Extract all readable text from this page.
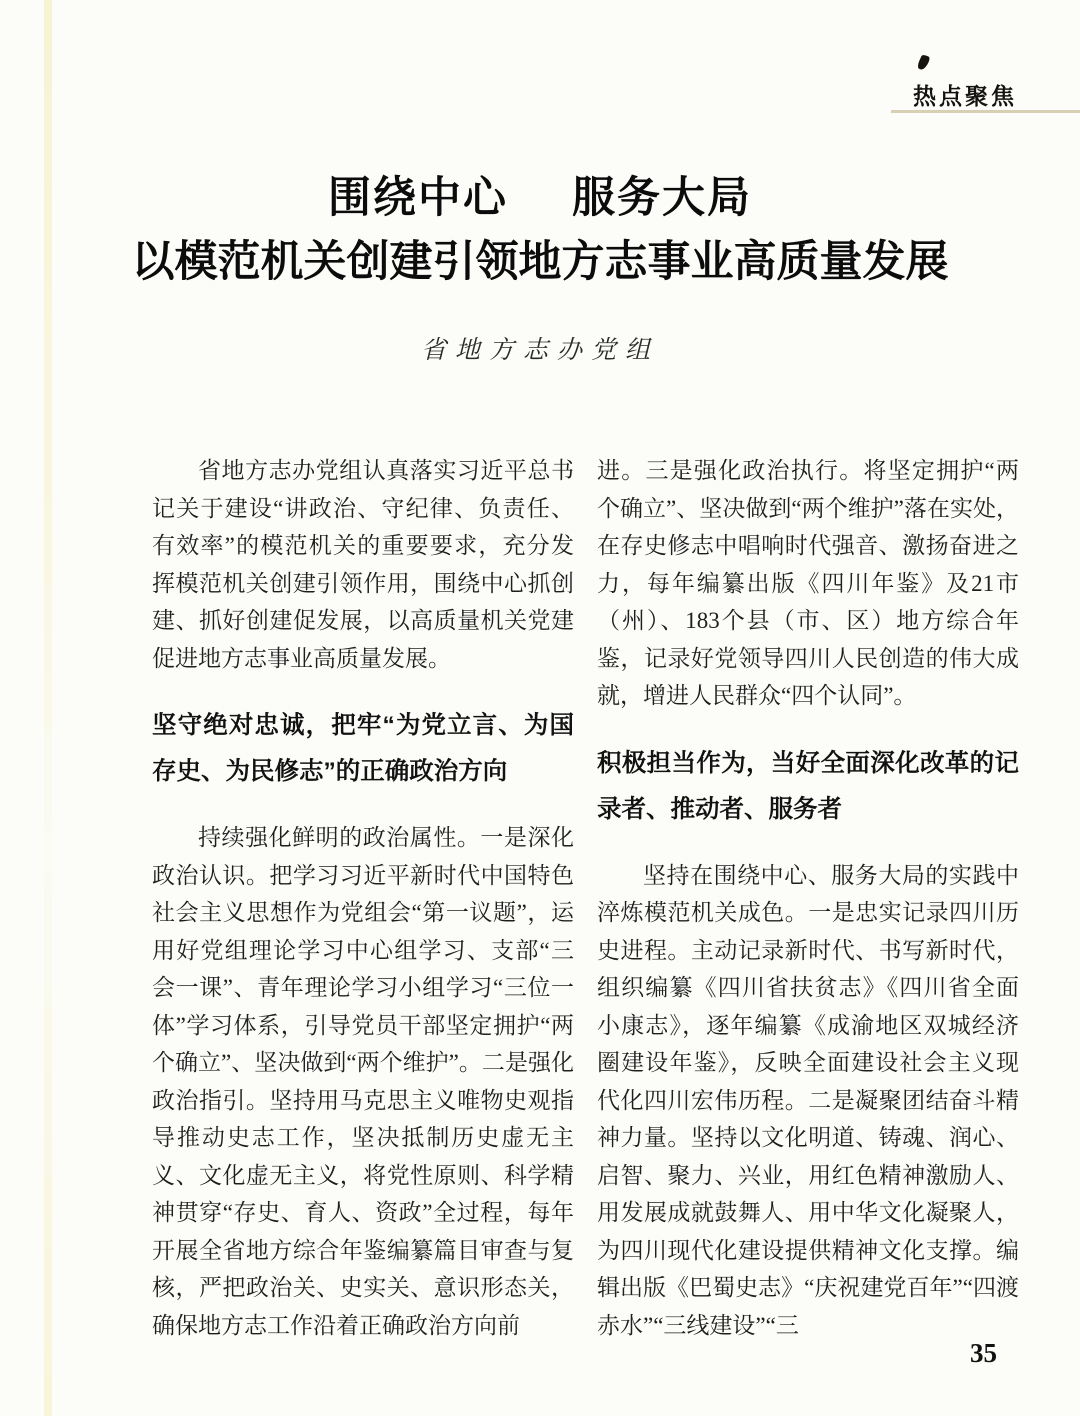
热点聚焦
围绕中心 服务大局
以模范机关创建引领地方志事业高质量发展
省地方志办党组

省地方志办党组认真落实习近平总书记关于建设“讲政治、守纪律、负责任、有效率”的模范机关的重要要求，充分发挥模范机关创建引领作用，围绕中心抓创建、抓好创建促发展，以高质量机关党建促进地方志事业高质量发展。

坚守绝对忠诚，把牢“为党立言、为国存史、为民修志”的正确政治方向

持续强化鲜明的政治属性。一是深化政治认识。把学习习近平新时代中国特色社会主义思想作为党组会“第一议题”，运用好党组理论学习中心组学习、支部“三会一课”、青年理论学习小组学习“三位一体”学习体系，引导党员干部坚定拥护“两个确立”、坚决做到“两个维护”。二是强化政治指引。坚持用马克思主义唯物史观指导推动史志工作，坚决抵制历史虚无主义、文化虚无主义，将党性原则、科学精神贯穿“存史、育人、资政”全过程，每年开展全省地方综合年鉴编纂篇目审查与复核，严把政治关、史实关、意识形态关，确保地方志工作沿着正确政治方向前

进。三是强化政治执行。将坚定拥护“两个确立”、坚决做到“两个维护”落在实处，在存史修志中唱响时代强音、激扬奋进之力，每年编纂出版《四川年鉴》及21市（州）、183个县（市、区）地方综合年鉴，记录好党领导四川人民创造的伟大成就，增进人民群众“四个认同”。

积极担当作为，当好全面深化改革的记录者、推动者、服务者

坚持在围绕中心、服务大局的实践中淬炼模范机关成色。一是忠实记录四川历史进程。主动记录新时代、书写新时代，组织编纂《四川省扶贫志》《四川省全面小康志》，逐年编纂《成渝地区双城经济圈建设年鉴》，反映全面建设社会主义现代化四川宏伟历程。二是凝聚团结奋斗精神力量。坚持以文化明道、铸魂、润心、启智、聚力、兴业，用红色精神激励人、用发展成就鼓舞人、用中华文化凝聚人，为四川现代化建设提供精神文化支撑。编辑出版《巴蜀史志》“庆祝建党百年”“四渡赤水”“三线建设”“三

35
